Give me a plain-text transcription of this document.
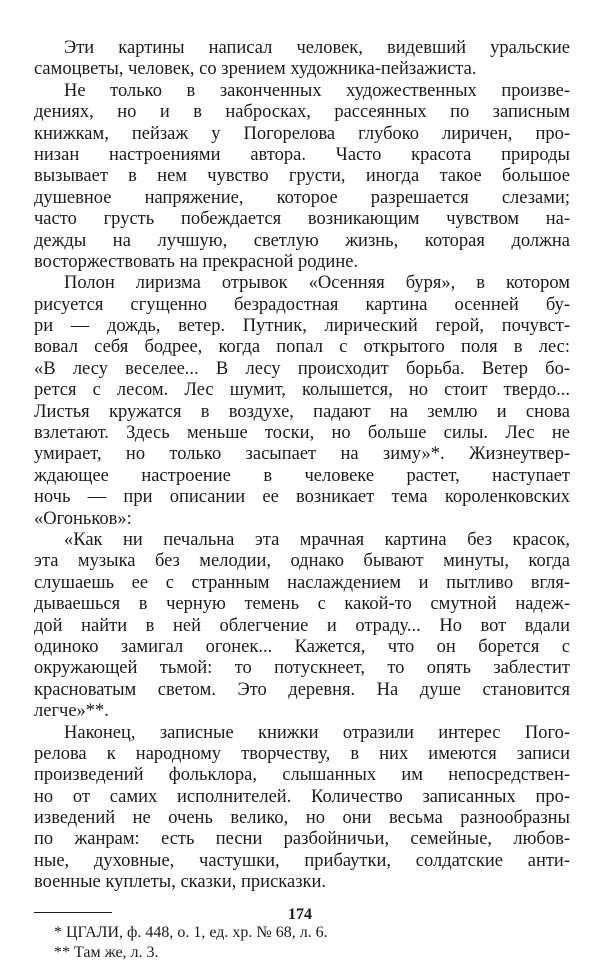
Эти картины написал человек, видевший уральские
самоцветы, человек, со зрением художника-пейзажиста.
Не только в законченных художественных произве-
дениях, но и в набросках, рассеянных по записным
книжкам, пейзаж у Погорелова глубоко лиричен, про-
низан настроениями автора. Часто красота природы
вызывает в нем чувство грусти, иногда такое большое
душевное напряжение, которое разрешается слезами;
часто грусть побеждается возникающим чувством на-
дежды на лучшую, светлую жизнь, которая должна
восторжествовать на прекрасной родине.
Полон лиризма отрывок «Осенняя буря», в котором
рисуется сгущенно безрадостная картина осенней бу-
ри — дождь, ветер. Путник, лирический герой, почувст-
вовал себя бодрее, когда попал с открытого поля в лес:
«В лесу веселее... В лесу происходит борьба. Ветер бо-
рется с лесом. Лес шумит, колышется, но стоит твердо...
Листья кружатся в воздухе, падают на землю и снова
взлетают. Здесь меньше тоски, но больше силы. Лес не
умирает, но только засыпает на зиму»*. Жизнеутвер-
ждающее настроение в человеке растет, наступает
ночь — при описании ее возникает тема короленковских
«Огоньков»:
«Как ни печальна эта мрачная картина без красок,
эта музыка без мелодии, однако бывают минуты, когда
слушаешь ее с странным наслаждением и пытливо вгля-
дываешься в черную темень с какой-то смутной надеж-
дой найти в ней облегчение и отраду... Но вот вдали
одиноко замигал огонек... Кажется, что он борется с
окружающей тьмой: то потускнеет, то опять заблестит
красноватым светом. Это деревня. На душе становится
легче»**.
Наконец, записные книжки отразили интерес Пого-
релова к народному творчеству, в них имеются записи
произведений фольклора, слышанных им непосредствен-
но от самих исполнителей. Количество записанных про-
изведений не очень велико, но они весьма разнообразны
по жанрам: есть песни разбойничьи, семейные, любов-
ные, духовные, частушки, прибаутки, солдатские анти-
военные куплеты, сказки, присказки.
* ЦГАЛИ, ф. 448, о. 1, ед. хр. № 68, л. 6.
** Там же, л. 3.
174
